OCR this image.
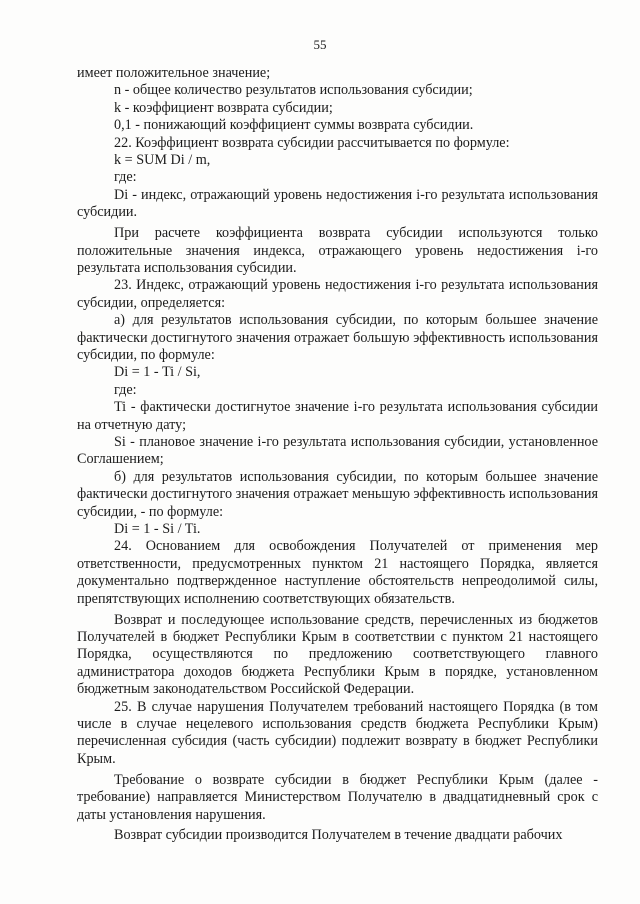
55

имеет положительное значение;

n - общее количество результатов использования субсидии;

k - коэффициент возврата субсидии;

0,1 - понижающий коэффициент суммы возврата субсидии.

22. Коэффициент возврата субсидии рассчитывается по формуле:

k = SUM Di / m,

где:

Di - индекс, отражающий уровень недостижения i-го результата использования субсидии.

При расчете коэффициента возврата субсидии используются только положительные значения индекса, отражающего уровень недостижения i-го результата использования субсидии.

23. Индекс, отражающий уровень недостижения i-го результата использования субсидии, определяется:

а) для результатов использования субсидии, по которым большее значение фактически достигнутого значения отражает большую эффективность использования субсидии, по формуле:

Di = 1 - Ti / Si,

где:

Ti - фактически достигнутое значение i-го результата использования субсидии на отчетную дату;

Si - плановое значение i-го результата использования субсидии, установленное Соглашением;

б) для результатов использования субсидии, по которым большее значение фактически достигнутого значения отражает меньшую эффективность использования субсидии, - по формуле:

Di = 1 - Si / Ti.

24. Основанием для освобождения Получателей от применения мер ответственности, предусмотренных пунктом 21 настоящего Порядка, является документально подтвержденное наступление обстоятельств непреодолимой силы, препятствующих исполнению соответствующих обязательств.

Возврат и последующее использование средств, перечисленных из бюджетов Получателей в бюджет Республики Крым в соответствии с пунктом 21 настоящего Порядка, осуществляются по предложению соответствующего главного администратора доходов бюджета Республики Крым в порядке, установленном бюджетным законодательством Российской Федерации.

25. В случае нарушения Получателем требований настоящего Порядка (в том числе в случае нецелевого использования средств бюджета Республики Крым) перечисленная субсидия (часть субсидии) подлежит возврату в бюджет Республики Крым.

Требование о возврате субсидии в бюджет Республики Крым (далее - требование) направляется Министерством Получателю в двадцатидневный срок с даты установления нарушения.

Возврат субсидии производится Получателем в течение двадцати рабочих
